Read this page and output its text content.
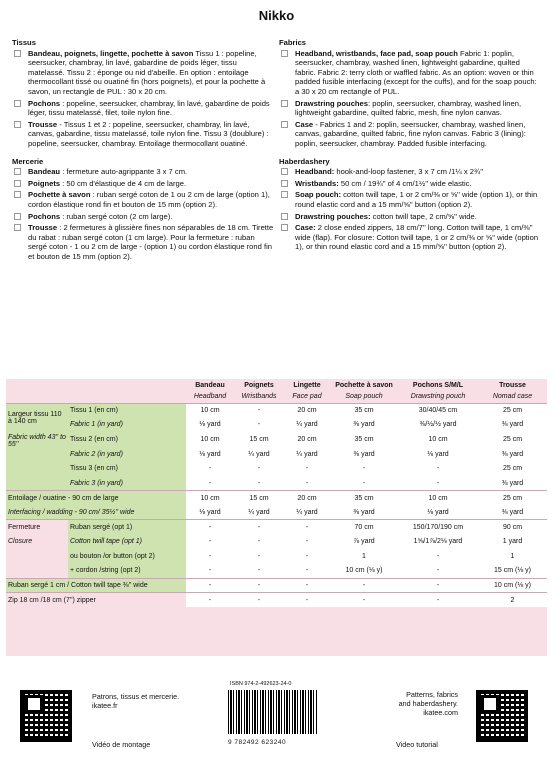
Nikko
Tissus
Bandeau, poignets, lingette, pochette à savon Tissu 1 : popeline, seersucker, chambray, lin lavé, gabardine de poids léger, tissu matelassé. Tissu 2 : éponge ou nid d'abeille. En option : entoilage thermocollant tissé ou ouatiné fin (hors poignets), et pour la pochette à savon, un rectangle de PUL : 30 x 20 cm.
Pochons : popeline, seersucker, chambray, lin lavé, gabardine de poids léger, tissu matelassé, filet, toile nylon fine.
Trousse - Tissus 1 et 2 : popeline, seersucker, chambray, lin lavé, canvas, gabardine, tissu matelassé, toile nylon fine. Tissu 3 (doublure) : popeline, seersucker, chambray. Entoilage thermocollant ouatiné.
Mercerie
Bandeau : fermeture auto-agrippante 3 x 7 cm.
Poignets : 50 cm d'élastique de 4 cm de large.
Pochette à savon : ruban sergé coton de 1 ou 2 cm de large (option 1), cordon élastique rond fin et bouton de 15 mm (option 2).
Pochons : ruban sergé coton (2 cm large).
Trousse : 2 fermetures à glissière fines non séparables de 18 cm. Tirette du rabat : ruban sergé coton (1 cm large). Pour la fermeture : ruban sergé coton - 1 ou 2 cm de large - (option 1) ou cordon élastique rond fin et bouton de 15 mm (option 2).
Fabrics
Headband, wristbands, face pad, soap pouch Fabric 1: poplin, seersucker, chambray, washed linen, lightweight gabardine, quilted fabric. Fabric 2: terry cloth or waffled fabric. As an option: woven or thin padded fusible interfacing (except for the cuffs), and for the soap pouch: a 30 x 20 cm rectangle of PUL.
Drawstring pouches: poplin, seersucker, chambray, washed linen, lightweight gabardine, quilted fabric, mesh, fine nylon canvas.
Case - Fabrics 1 and 2: poplin, seersucker, chambray, washed linen, canvas, gabardine, quilted fabric, fine nylon canvas. Fabric 3 (lining): poplin, seersucker, chambray. Padded fusible interfacing.
Haberdashery
Headband: hook-and-loop fastener, 3 x 7 cm /1¼ x 2¾''
Wristbands: 50 cm / 19¾'' of 4 cm/1½'' wide elastic.
Soap pouch: cotton twill tape, 1 or 2 cm/⅜ or ⅝'' wide (option 1), or thin round elastic cord and a 15 mm/⅝'' button (option 2).
Drawstring pouches: cotton twill tape, 2 cm/⅝'' wide.
Case: 2 close ended zippers, 18 cm/7'' long. Cotton twill tape, 1 cm/⅜'' wide (flap). For closure: Cotton twill tape, 1 or 2 cm/⅜ or ⅝'' wide (option 1), or thin round elastic cord and a 15 mm/⅝'' button (option 2).
		Bandeau	Poignets	Lingette	Pochette à savon	Pochons S/M/L	Trousse
		Headband	Wristbands	Face pad	Soap pouch	Drawstring pouch	Nomad case
Largeur tissu 110 à 140 cm	Tissu 1 (en cm)	10 cm	-	20 cm	35 cm	30/40/45 cm	25 cm
	Fabric 1 (in yard)	⅛ yard	-	¼ yard	⅜ yard	⅜/½/½ yard	⅜ yard
Fabric width 43'' to 55''	Tissu 2 (en cm)	10 cm	15 cm	20 cm	35 cm	10 cm	25 cm
	Fabric 2 (in yard)	⅛ yard	¼ yard	¼ yard	⅜ yard	⅛ yard	⅜ yard
	Tissu 3 (en cm)	-	-	-	-	-	25 cm
	Fabric 3 (in yard)	-	-	-	-	-	⅜ yard
Entoilage / ouatine - 90 cm de large		10 cm	15 cm	20 cm	35 cm	10 cm	25 cm
Interfacing / wadding - 90 cm/ 35½'' wide		⅛ yard	¼ yard	¼ yard	⅜ yard	⅛ yard	⅜ yard
Fermeture	Ruban sergé (opt 1)	-	-	-	70 cm	150/170/190 cm	90 cm
Closure	Cotton twill tape (opt 1)	-	-	-	⅞ yard	1⅝/1⅞/2⅛ yard	1 yard
	ou bouton /or button (opt 2)	-	-	-	1	-	1
	+ cordon /string (opt 2)	-	-	-	10 cm (⅛ y)	-	15 cm (⅛ y)
Ruban sergé 1 cm / Cotton twill tape ⅜'' wide		-	-	-	-	-	10 cm (⅛ y)
Zip 18 cm /18 cm (7'') zipper		-	-	-	-	-	2
Patrons, tissus et mercerie.
ikatee.fr
Vidéo de montage
ISBN 974-2-492623-24-0
9 782492 623240
Patterns, fabrics
and haberdashery.
ikatee.com
Video tutorial
